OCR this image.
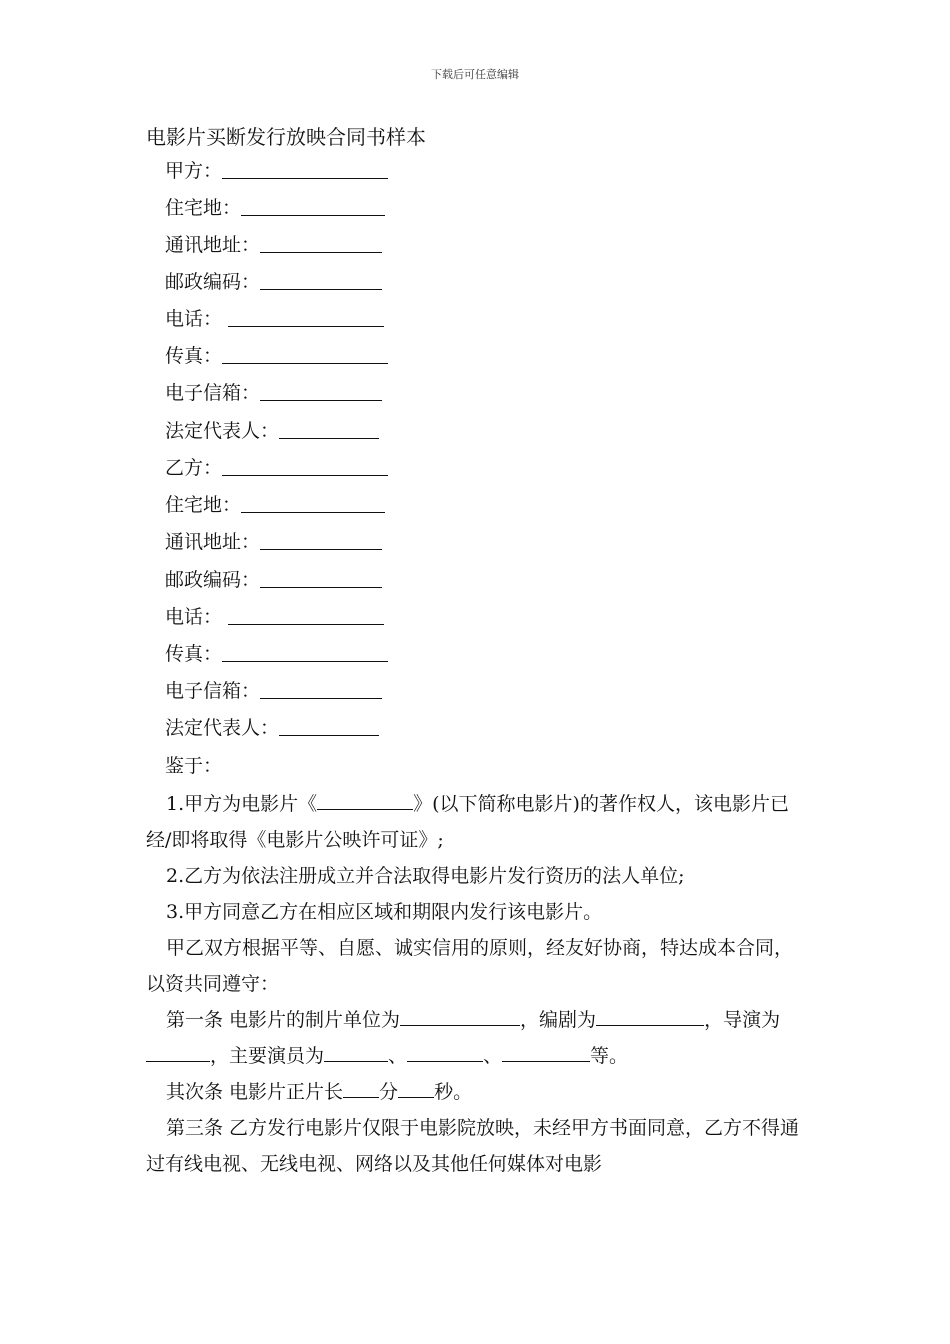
下载后可任意编辑
电影片买断发行放映合同书样本
甲方：
住宅地：
通讯地址：
邮政编码：
电话：
传真：
电子信箱：
法定代表人：
乙方：
住宅地：
通讯地址：
邮政编码：
电话：
传真：
电子信箱：
法定代表人：
鉴于：

1.甲方为电影片《	》(以下简称电影片)的著作权人，该电影片已经/即将取得《电影片公映许可证》;

2.乙方为依法注册成立并合法取得电影片发行资历的法人单位;

3.甲方同意乙方在相应区域和期限内发行该电影片。

甲乙双方根据平等、自愿、诚实信用的原则，经友好协商，特达成本合同，以资共同遵守：

第一条 电影片的制片单位为	，编剧为	，导演为，主要演员为	、	、	等。

其次条 电影片正片长 分 秒。

第三条 乙方发行电影片仅限于电影院放映，未经甲方书面同意，乙方不得通过有线电视、无线电视、网络以及其他任何媒体对电影
